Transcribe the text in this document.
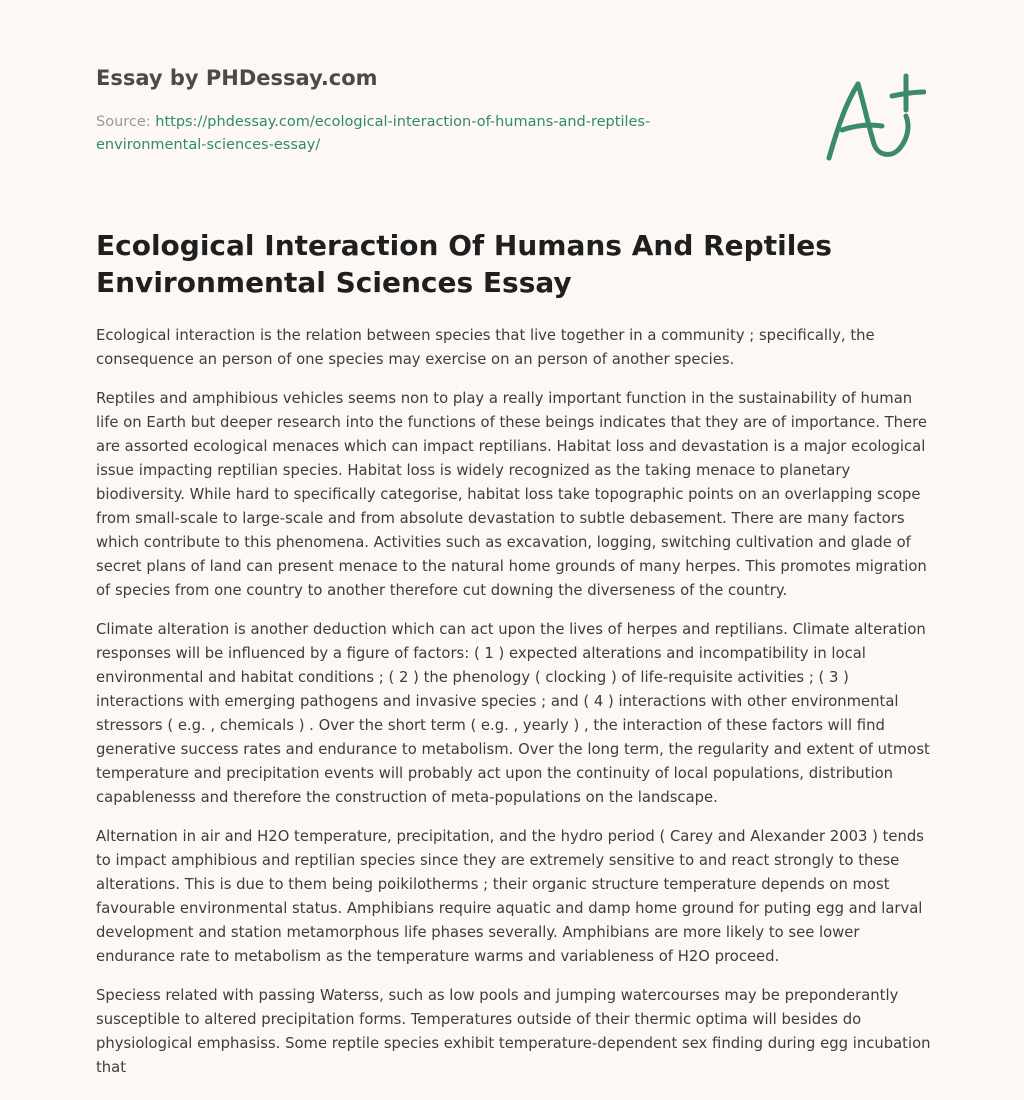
Essay by PHDessay.com
Source: https://phdessay.com/ecological-interaction-of-humans-and-reptiles-environmental-sciences-essay/
Ecological Interaction Of Humans And Reptiles Environmental Sciences Essay

Ecological interaction is the relation between species that live together in a community ; specifically, the consequence an person of one species may exercise on an person of another species.

Reptiles and amphibious vehicles seems non to play a really important function in the sustainability of human life on Earth but deeper research into the functions of these beings indicates that they are of importance. There are assorted ecological menaces which can impact reptilians. Habitat loss and devastation is a major ecological issue impacting reptilian species. Habitat loss is widely recognized as the taking menace to planetary biodiversity. While hard to specifically categorise, habitat loss take topographic points on an overlapping scope from small-scale to large-scale and from absolute devastation to subtle debasement. There are many factors which contribute to this phenomena. Activities such as excavation, logging, switching cultivation and glade of secret plans of land can present menace to the natural home grounds of many herpes. This promotes migration of species from one country to another therefore cut downing the diverseness of the country.

Climate alteration is another deduction which can act upon the lives of herpes and reptilians. Climate alteration responses will be influenced by a figure of factors: ( 1 ) expected alterations and incompatibility in local environmental and habitat conditions ; ( 2 ) the phenology ( clocking ) of life-requisite activities ; ( 3 ) interactions with emerging pathogens and invasive species ; and ( 4 ) interactions with other environmental stressors ( e.g. , chemicals ) . Over the short term ( e.g. , yearly ) , the interaction of these factors will find generative success rates and endurance to metabolism. Over the long term, the regularity and extent of utmost temperature and precipitation events will probably act upon the continuity of local populations, distribution capablenesss and therefore the construction of meta-populations on the landscape.

Alternation in air and H2O temperature, precipitation, and the hydro period ( Carey and Alexander 2003 ) tends to impact amphibious and reptilian species since they are extremely sensitive to and react strongly to these alterations. This is due to them being poikilotherms ; their organic structure temperature depends on most favourable environmental status. Amphibians require aquatic and damp home ground for puting egg and larval development and station metamorphous life phases severally. Amphibians are more likely to see lower endurance rate to metabolism as the temperature warms and variableness of H2O proceed.

Speciess related with passing Waterss, such as low pools and jumping watercourses may be preponderantly susceptible to altered precipitation forms. Temperatures outside of their thermic optima will besides do physiological emphasiss. Some reptile species exhibit temperature-dependent sex finding during egg incubation that
